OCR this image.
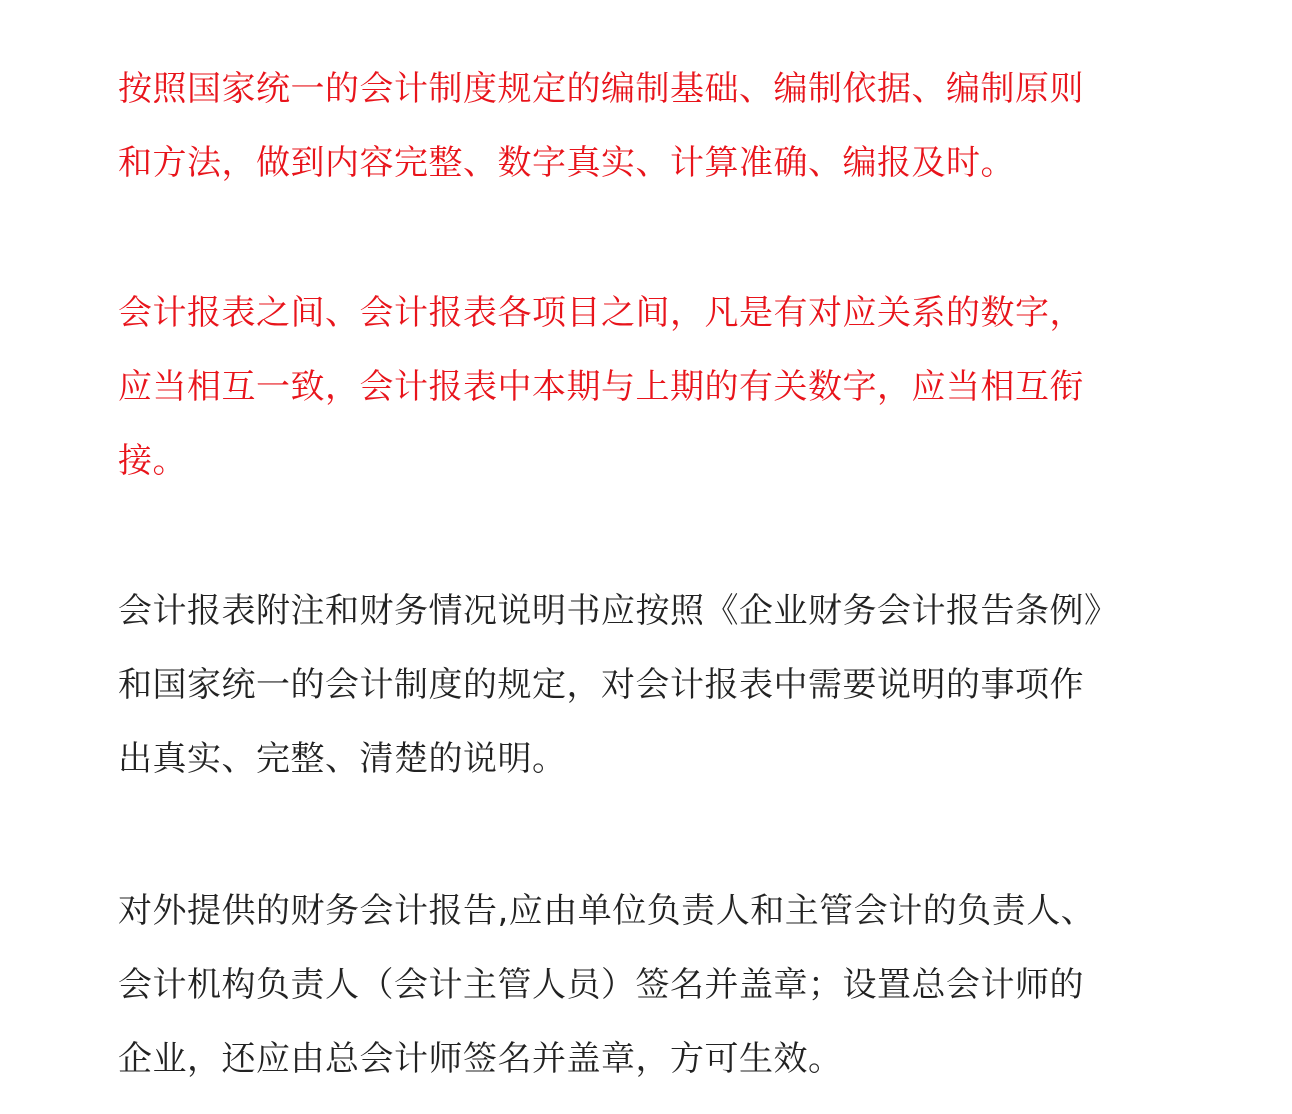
按照国家统一的会计制度规定的编制基础、编制依据、编制原则
和方法，做到内容完整、数字真实、计算准确、编报及时。

会计报表之间、会计报表各项目之间，凡是有对应关系的数字，
应当相互一致，会计报表中本期与上期的有关数字，应当相互衔
接。

会计报表附注和财务情况说明书应按照《企业财务会计报告条例》
和国家统一的会计制度的规定，对会计报表中需要说明的事项作
出真实、完整、清楚的说明。

对外提供的财务会计报告,应由单位负责人和主管会计的负责人、
会计机构负责人（会计主管人员）签名并盖章；设置总会计师的
企业，还应由总会计师签名并盖章，方可生效。
